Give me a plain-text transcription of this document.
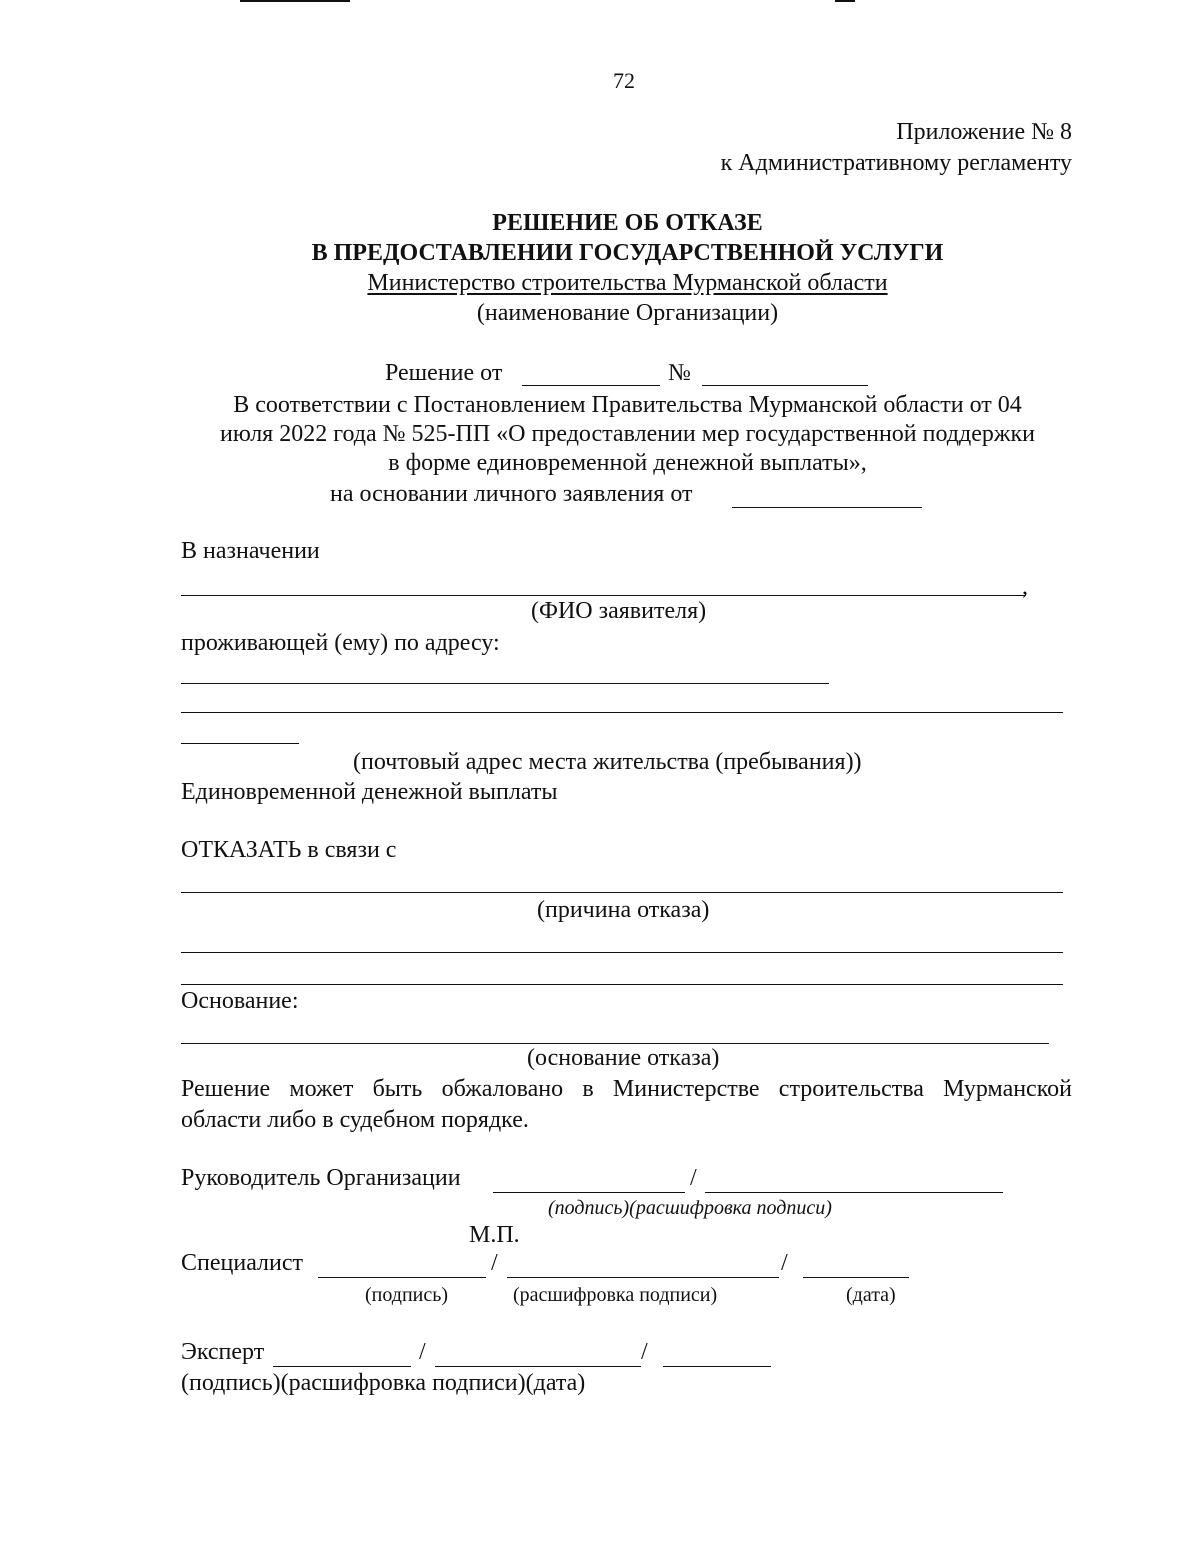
72
Приложение № 8
к Административному регламенту
РЕШЕНИЕ ОБ ОТКАЗЕ
В ПРЕДОСТАВЛЕНИИ ГОСУДАРСТВЕННОЙ УСЛУГИ
Министерство строительства Мурманской области
(наименование Организации)
Решение от	№
В соответствии с Постановлением Правительства Мурманской области от 04
июля 2022 года № 525-ПП «О предоставлении мер государственной поддержки
в форме единовременной денежной выплаты»,
на основании личного заявления от
В назначении
,
(ФИО заявителя)
проживающей (ему) по адресу:
(почтовый адрес места жительства (пребывания))
Единовременной денежной выплаты
ОТКАЗАТЬ в связи с
(причина отказа)
Основание:
(основание отказа)
Решение может быть обжаловано в Министерстве строительства Мурманской
области либо в судебном порядке.
Руководитель Организации	/
(подпись)(расшифровка подписи)
М.П.
Специалист	/	/
(подпись)	(расшифровка подписи)	(дата)
Эксперт	/	/
(подпись)(расшифровка подписи)(дата)
